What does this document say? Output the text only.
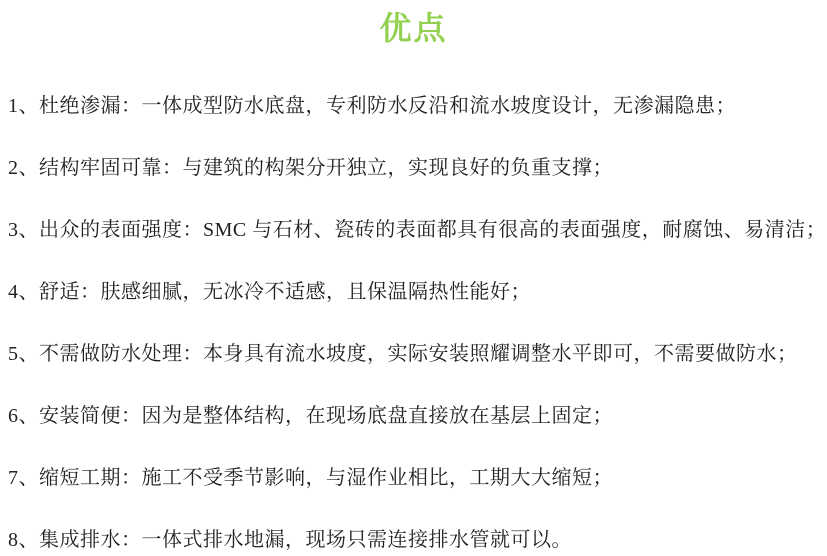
优点

1、杜绝渗漏：一体成型防水底盘，专利防水反沿和流水坡度设计，无渗漏隐患；

2、结构牢固可靠：与建筑的构架分开独立，实现良好的负重支撑；

3、出众的表面强度：SMC 与石材、瓷砖的表面都具有很高的表面强度，耐腐蚀、易清洁；

4、舒适：肤感细腻，无冰冷不适感，且保温隔热性能好；

5、不需做防水处理：本身具有流水坡度，实际安装照耀调整水平即可，不需要做防水；

6、安装简便：因为是整体结构，在现场底盘直接放在基层上固定；

7、缩短工期：施工不受季节影响，与湿作业相比，工期大大缩短；

8、集成排水：一体式排水地漏，现场只需连接排水管就可以。
